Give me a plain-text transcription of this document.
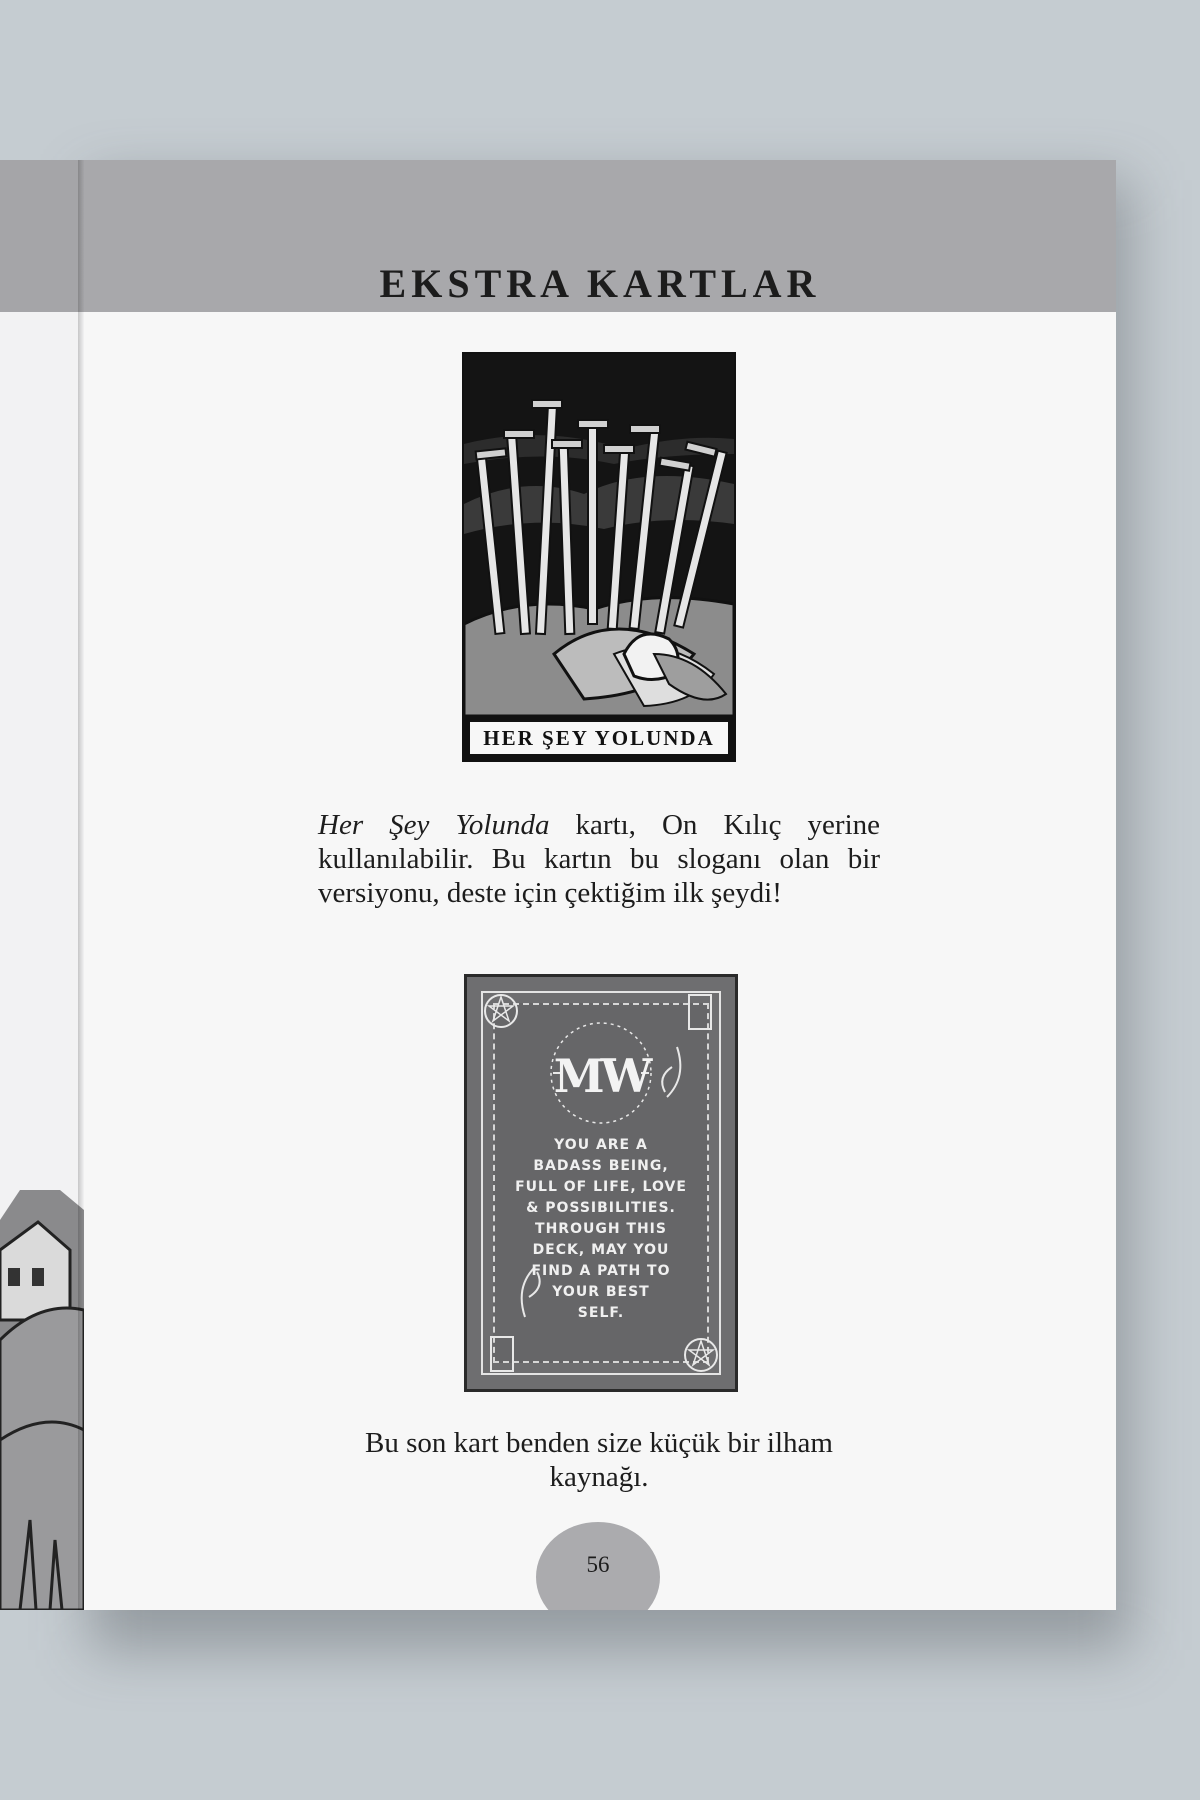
EKSTRA KARTLAR
HER ŞEY YOLUNDA
Her Şey Yolunda kartı, On Kılıç yerine kullanılabilir. Bu kartın bu sloganı olan bir versiyonu, deste için çektiğim ilk şeydi!
MW
YOU ARE A
BADASS BEING,
FULL OF LIFE, LOVE
& POSSIBILITIES.
THROUGH THIS
DECK, MAY YOU
FIND A PATH TO
YOUR BEST
SELF.
Bu son kart benden size küçük bir ilham kaynağı.
56
